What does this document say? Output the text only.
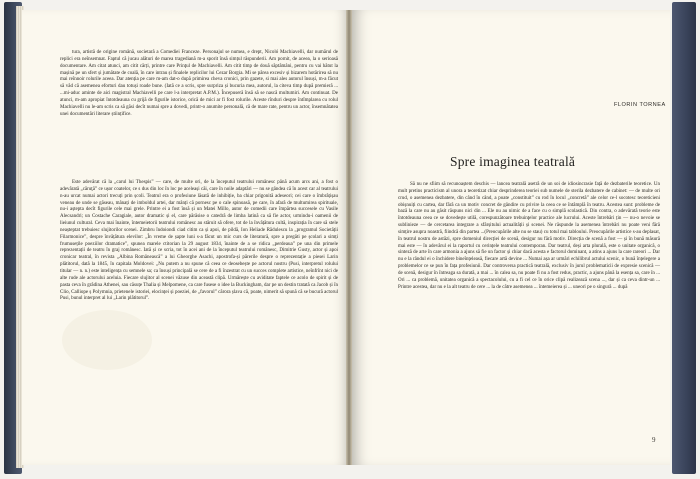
tura, artistă de origine română, societară a Comediei Franceze. Personajul se numea, e drept, Nicoló Machiavelli, dar numărul de replici era neînsemnat. Faptul că jucau alături de marea tragediană m-a sporit însă simțul răspunderii. Am pornit, de aceea, la o serioasă documentare. Am citat atunci, am citit cărți, printre care Prinţul de Machiavelli. Am citit timp de două săptămâni, pentru cu vai hătut la mașină pe un sfert și jumătate de coală, în care intrau și finalele replicilor lui Cezar Borgia. Mi se părea excesiv și bizarem hotărirea să nu mai reînnoir rolurile aceea. Dar atenția pe care m-am dat-o după primirea cheva cronici, prin gazete, si mai ales autorul însuși, m-a făcut să văd că asemenea eforturi dau totuși roade bune. (Iată ce a scris, spre surpriza și bucuria mea, autorul, la citeva timp după premieră ... ...mi-aduc aminte de aici magistral Machiavelli pe care l-a interpretat A.P.M.). Începuseră însă să se nască multumiri. Am continuat. De atunci, m-am apropiat întotdeauna cu grijă de figurile istorice, orică de mici ar fi fost rolurile. Aceste rînduri despre întîmplarea cu rolul Machiavelli nu le-am scris ca să găsi decît numai spre a dovedi, printr-o anumite personală, că de mare rate, pentru un actor, însemnătatea unei documentări literare științifice.

Este adevărat că la „carul lui Thespis” — care, de multe ori, de la începutul teatrului românesc până acum arcs ani, a fost o adevărată „căruţă” ce ușor coatelor, ce s dus din loc în loc pe aceleași căi, care în noile adaptări — nu se gândea că în acest car al teatrului n-au urcat numai actori trecuți prin școli. Teatrul era o profesiune lăsată de inhibiție, ba chiar prigonită adeseori; cei care o îmbrățișau veneau de unde se găseau, mânați de imboldul artei, dar mânți că pornesc pe o cale spinoasă, pe care, în afară de multumirea spirituale, nu-i aștepta decît figurile cele mai grele. Printre ei a fost însă și un Matei Millo, autor de comedii care împărtea succesele cu Vasile Alecsandri; un Costache Caragiale, autor dramatic și el, care părăsise o catedră de limba latină ca să fie actor, urmindu-i oamenii de lieiunul cultural. Ceva mai înainte, întemeietorii teatrului românesc au stăruit să ofere, tot de la învățătura cultă, inspirația în care să stele neașteptat trebuiesc slujitorilor scenei. Zimbru îndoiondi ciad citim ca și apoi, de pildă, Ion Heliade Rădulescu la „programul Societății Filarmonice”, despre învățătura elevilor: „În vreme de șapte luni s-a făcut un mic curs de literatură, spre a pregăti pe școlari a simți frumusețile poeziilor dramatice”, spunea marele ctitorian la 29 august 1834, înainte de a se ridica „perdeaua” pe una din primele reprezentații de teatru în graj românesc. Iată și ce scria, tot în acei ani de la începutul teatrului românesc, Dimitrie Gusty, actor și apoi cronicar teatral, în revista „Albina Românească” a lui Gheorghe Asachi, apostrofa-și părerile despre o reprezentație a piesei Larin plătitorul, dată la 1845, în capitala Moldovei: „Nu putem a nu spune că ceea ce deosebește pe actorul nostru (Pusi, interpretul rolului titular — n. n.) este inteligența cu semnele sa; ca însuși principală se cere de a fi înzestrat cu un succes complete artistice, neînfrînt nici de alte rude ale actorului aceluia. Fiecare slujitor al scenei văzuse din această clipă. Urmărește cu aviditate faptele ce acolo de spirit și de pasta ceva în grădina Athenei, sau căsuțe Thalia și Melpomene, ca care fusese o idee la Buckingham, dar pe un destin tratată ca Jacob și în Clio, Calliope ș Polymnia, prietenele istoriei, elocinței și poeziei, de „favorul” cărora șlava că, poate, nimerit să spună că se bucură actorul Pusi, bunul interpret al lui „Larin plătitorul”.

FLORIN TORNEA
Spre imaginea teatrală

Să nu ne sfiim să recunoaștem deschis — lancea teatrală asetră de un soi de idiosincrasie față de dezbaterile teoretice. Un mult pretins practicism al unora a teoretizat chiar desprinderea teoriei sub numele de sterila dezbatere de cabinet: — de multe ori crud, o asemenea dezbatere, din când în când, a poate „constituit” cu rod în locul „concretă” ale celor ce-l socotesc teoreticieni obișnuiți cu cartea, dar fără ca un motiv concret de gândire cu privire la ceea ce se întâmplă în teatru. Acestea sunt: probleme de bază la care nu au găsit răspuns nici din ... Ele nu au nimic de a face cu o simplă scolastică. Din contra, o adevărată teorie este întotdeauna ceea ce se dovedește utilă, corespunzătoare trebuinţelor practice ale lucrului. Aceste întrebări țin — nu-o nevoie se sublinieze — de cercetarea integrare a sfârșitului actualității și scenei. Ne răspunde la asemenea întrebări nu poate veni fără simțire asupra noastră, fiindcă din partea ...(Preocupările alte nu se stau) cu totul mai tabloului. Preocupările artistice s-au deplasat, în teatrul nostru de astăzi, spre domeniul direcției de scenă, desigur nu fără motiv. Direcția de scenă a fost — și în bună măsură mai este — în adevărul ei la raportul cu cerințele teatrului contemporan. Dar teatrul, deși arta plurală, este o unitate organică, o sinteză de arte în care armonia a ajuns să fie un factor și chiar dacă acesta e factorul dominant, a atins a ajuns la care rareori ... Dar nu e la rândul ei o închidere bineînțeleasă, fiecare artă devine ... Numai așa ar urmări echilibrul actului scenic, o bună înțelegere a problemelor ce se pun în fața profesiunii. Dar controversa practică teatrală, exclusiv în jurul problematicii de expresie scenică — de scenă, desigur în întreaga sa durată, a mai ... în calea sa, nu poate fi nu a fost redus, practic, a ajuns până la esența sa, care în ... Ori ... ca problemă, unitatea organică a spectacolului, cu a fi cel ce în orice clipă realizează scena ..., dar și ca ceva dintr-un ... Printre acestea, dar nu e la alt teatru de cere ... la de către asemenea ... întemeierea și ... uneori pe o singură ... după

9
